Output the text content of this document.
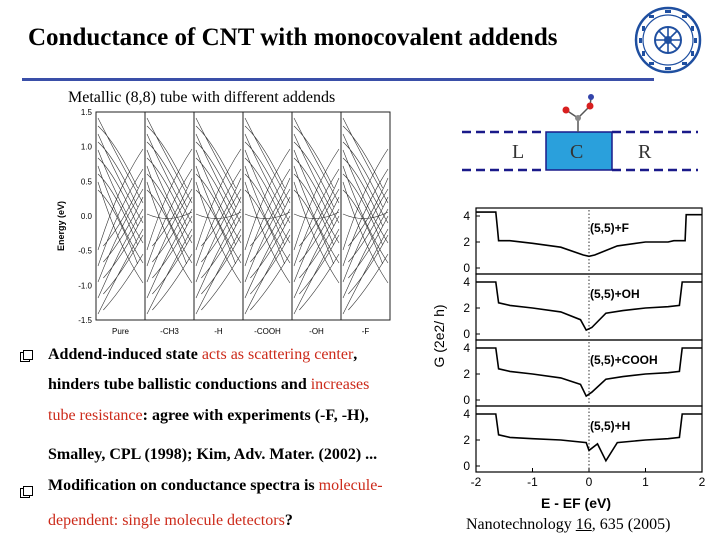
Conductance of CNT with monocovalent addends
Metallic (8,8) tube with different addends
Energy (eV)
1.5
1.0
0.5
0.0
-0.5
-1.0
-1.5
Pure	-CH3	-H	-COOH	-OH	-F
L C	R
0
2
4
0
2
4
0
2
4
0
2
4
-2	-1	0	1	2
(5,5)+F
(5,5)+OH
(5,5)+COOH
(5,5)+H
G (2e2/ h)
E - EF (eV)
Addend-induced state acts as scattering center,
hinders tube ballistic conductions and increases
tube resistance: agree with experiments (-F, -H),
Smalley, CPL (1998); Kim, Adv. Mater. (2002) ...
Modification on conductance spectra is molecule-
dependent: single molecule detectors?	Nanotechnology 16, 635 (2005)
